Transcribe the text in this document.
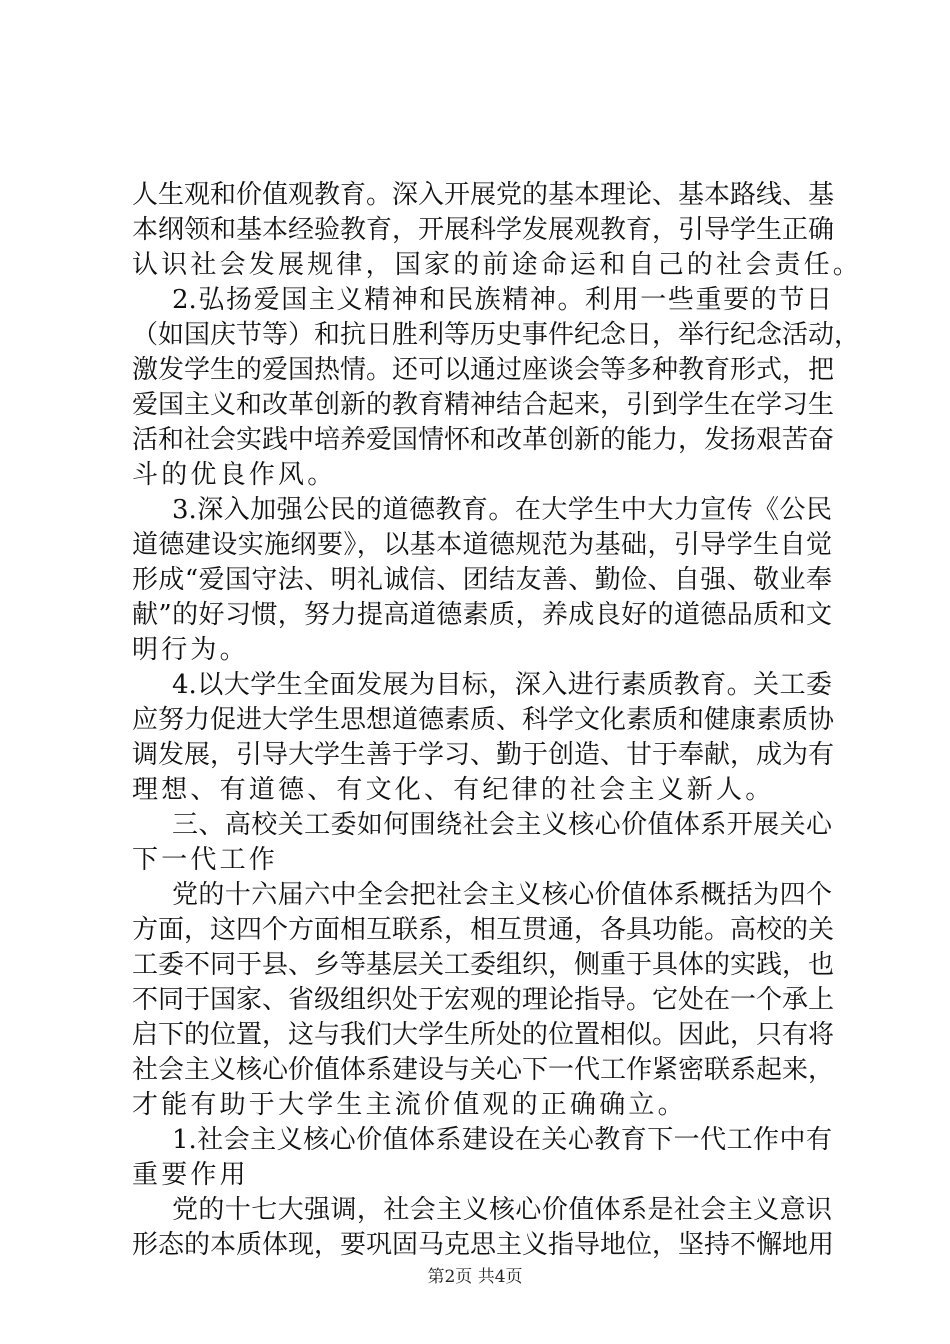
人生观和价值观教育。深入开展党的基本理论、基本路线、基
本纲领和基本经验教育，开展科学发展观教育，引导学生正确
认识社会发展规律，国家的前途命运和自己的社会责任。
2.弘扬爱国主义精神和民族精神。利用一些重要的节日
（如国庆节等）和抗日胜利等历史事件纪念日，举行纪念活动，
激发学生的爱国热情。还可以通过座谈会等多种教育形式，把
爱国主义和改革创新的教育精神结合起来，引到学生在学习生
活和社会实践中培养爱国情怀和改革创新的能力，发扬艰苦奋
斗的优良作风。
3.深入加强公民的道德教育。在大学生中大力宣传《公民
道德建设实施纲要》，以基本道德规范为基础，引导学生自觉
形成“爱国守法、明礼诚信、团结友善、勤俭、自强、敬业奉
献”的好习惯，努力提高道德素质，养成良好的道德品质和文
明行为。
4.以大学生全面发展为目标，深入进行素质教育。关工委
应努力促进大学生思想道德素质、科学文化素质和健康素质协
调发展，引导大学生善于学习、勤于创造、甘于奉献，成为有
理想、有道德、有文化、有纪律的社会主义新人。
三、高校关工委如何围绕社会主义核心价值体系开展关心
下一代工作
党的十六届六中全会把社会主义核心价值体系概括为四个
方面，这四个方面相互联系，相互贯通，各具功能。高校的关
工委不同于县、乡等基层关工委组织，侧重于具体的实践，也
不同于国家、省级组织处于宏观的理论指导。它处在一个承上
启下的位置，这与我们大学生所处的位置相似。因此，只有将
社会主义核心价值体系建设与关心下一代工作紧密联系起来，
才能有助于大学生主流价值观的正确确立。
1.社会主义核心价值体系建设在关心教育下一代工作中有
重要作用
党的十七大强调，社会主义核心价值体系是社会主义意识
形态的本质体现，要巩固马克思主义指导地位，坚持不懈地用
第2页 共4页
